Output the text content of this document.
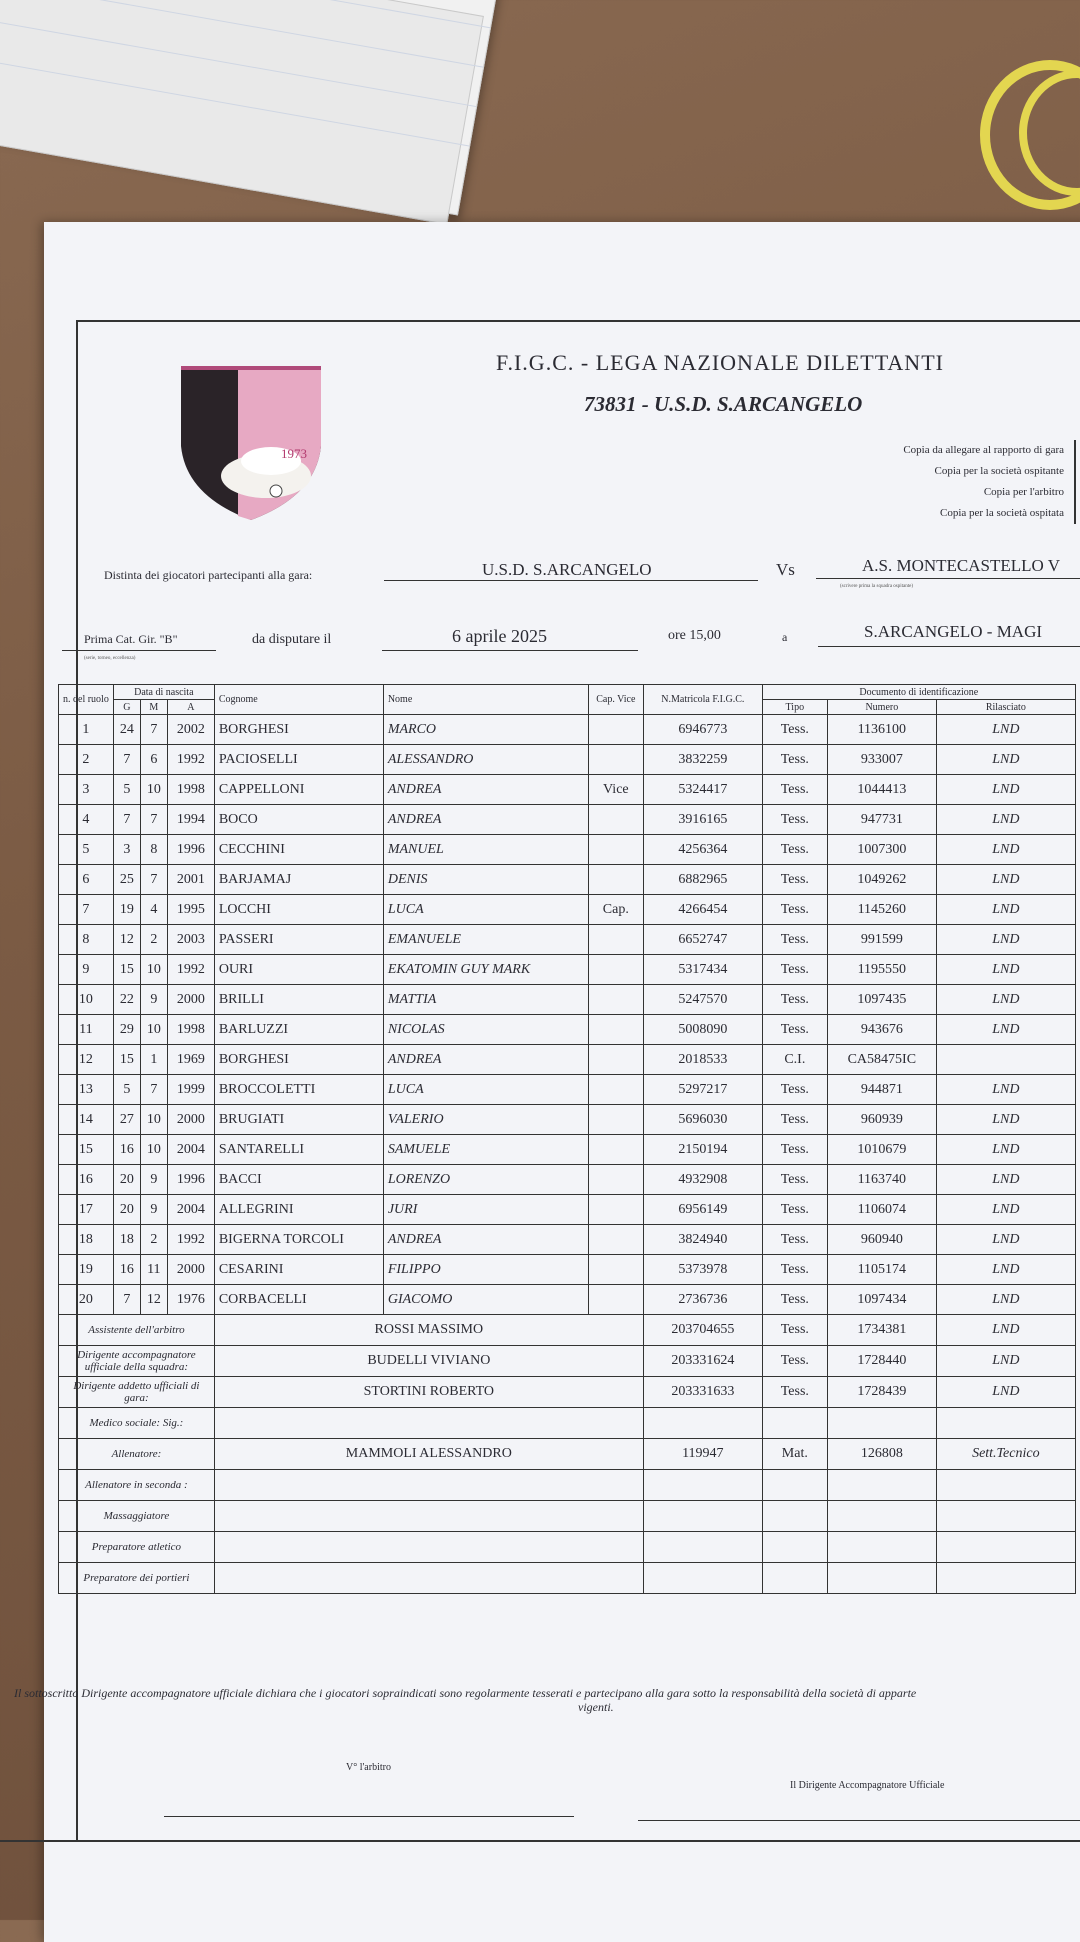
1973
F.I.G.C. - LEGA NAZIONALE DILETTANTI
73831 - U.S.D. S.ARCANGELO
Copia da allegare al rapporto di gara
Copia per la società ospitante
Copia per l'arbitro
Copia per la società ospitata
Distinta dei giocatori partecipanti alla gara:	U.S.D. S.ARCANGELO	Vs	A.S. MONTECASTELLO V
(scrivere prima la squadra ospitante)
Prima Cat. Gir. "B"
(serie, torneo, eccellenza)
da disputare il	6 aprile 2025	ore 15,00	a	S.ARCANGELO - MAGI
n. del ruolo	Data di nascita			Cognome	Nome	Cap. Vice	N.Matricola F.I.G.C.	Documento di identificazione		
	G	M	A					Tipo	Numero	Rilasciato
1	24	7	2002	BORGHESI	MARCO		6946773	Tess.	1136100	LND
2	7	6	1992	PACIOSELLI	ALESSANDRO		3832259	Tess.	933007	LND
3	5	10	1998	CAPPELLONI	ANDREA	Vice	5324417	Tess.	1044413	LND
4	7	7	1994	BOCO	ANDREA		3916165	Tess.	947731	LND
5	3	8	1996	CECCHINI	MANUEL		4256364	Tess.	1007300	LND
6	25	7	2001	BARJAMAJ	DENIS		6882965	Tess.	1049262	LND
7	19	4	1995	LOCCHI	LUCA	Cap.	4266454	Tess.	1145260	LND
8	12	2	2003	PASSERI	EMANUELE		6652747	Tess.	991599	LND
9	15	10	1992	OURI	EKATOMIN GUY MARK		5317434	Tess.	1195550	LND
10	22	9	2000	BRILLI	MATTIA		5247570	Tess.	1097435	LND
11	29	10	1998	BARLUZZI	NICOLAS		5008090	Tess.	943676	LND
12	15	1	1969	BORGHESI	ANDREA		2018533	C.I.	CA58475IC	
13	5	7	1999	BROCCOLETTI	LUCA		5297217	Tess.	944871	LND
14	27	10	2000	BRUGIATI	VALERIO		5696030	Tess.	960939	LND
15	16	10	2004	SANTARELLI	SAMUELE		2150194	Tess.	1010679	LND
16	20	9	1996	BACCI	LORENZO		4932908	Tess.	1163740	LND
17	20	9	2004	ALLEGRINI	JURI		6956149	Tess.	1106074	LND
18	18	2	1992	BIGERNA TORCOLI	ANDREA		3824940	Tess.	960940	LND
19	16	11	2000	CESARINI	FILIPPO		5373978	Tess.	1105174	LND
20	7	12	1976	CORBACELLI	GIACOMO		2736736	Tess.	1097434	LND
Assistente dell'arbitro				ROSSI MASSIMO			203704655	Tess.	1734381	LND
Dirigente accompagnatore ufficiale della squadra:				BUDELLI VIVIANO			203331624	Tess.	1728440	LND
Dirigente addetto ufficiali di gara:				STORTINI ROBERTO			203331633	Tess.	1728439	LND
Medico sociale: Sig.:										
Allenatore:				MAMMOLI ALESSANDRO			119947	Mat.	126808	Sett.Tecnico
Allenatore in seconda :										
Massaggiatore										
Preparatore atletico										
Preparatore dei portieri										
Il sottoscritto Dirigente accompagnatore ufficiale dichiara che i giocatori sopraindicati sono regolarmente tesserati e partecipano alla gara sotto la responsabilità della società di apparte
vigenti.
V° l'arbitro
Il Dirigente Accompagnatore Ufficiale
